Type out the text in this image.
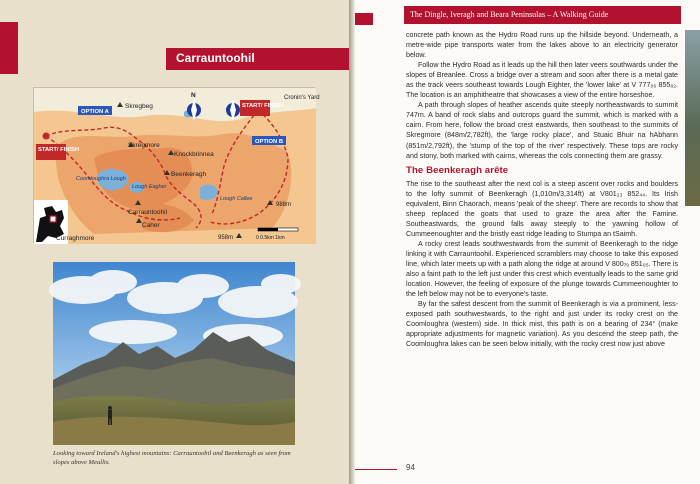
Carrauntoohil
Skregbeg
Cronin's Yard
Skregmore
Knockbrinnea
Coomloughra Lough
Lough Eagher
Beenkeragh
Lough Callee
Carrauntoohil
Caher
Curraghmore
988m
958m	0 0.5km 1km
N
OPTION A
OPTION B
START/ FINISH
START/ FINISH
Looking toward Ireland's highest mountains: Carrauntoohil and Beenkeragh as seen from slopes above Meallis.
The Dingle, Iveragh and Beara Peninsulas – A Walking Guide

concrete path known as the Hydro Road runs up the hillside beyond. Underneath, a metre-wide pipe transports water from the lakes above to an electricity generator below.

Follow the Hydro Road as it leads up the hill then later veers southwards under the slopes of Breanlee. Cross a bridge over a stream and soon after there is a metal gate as the track veers southeast towards Lough Eighter, the 'lower lake' at V 777₀₆ 855₈₂. The location is an amphitheatre that showcases a view of the entire horseshoe.

A path through slopes of heather ascends quite steeply northeastwards to summit 747m. A band of rock slabs and outcrops guard the summit, which is marked with a cairn. From here, follow the broad crest eastwards, then southeast to the summits of Skregmore (848m/2,782ft), the 'large rocky place', and Stuaic Bhuir na hAbhann (851m/2,792ft), the 'stump of the top of the river' respectively. These tops are rocky and stony, both marked with cairns, whereas the cols connecting them are grassy.

The Beenkeragh arête

The rise to the southeast after the next col is a steep ascent over rocks and boulders to the lofty summit of Beenkeragh (1,010m/3,314ft) at V801₂₃ 852₄₄. Its Irish equivalent, Binn Chaorach, means 'peak of the sheep'. There are records to show that sheep replaced the goats that used to graze the area after the Famine. Southeastwards, the ground falls away steeply to the yawning hollow of Cummeenoughter and the bristly east ridge leading to Stumpa an tSaimh.

A rocky crest leads southwestwards from the summit of Beenkeragh to the ridge linking it with Carrauntoohil. Experienced scramblers may choose to take this exposed line, which later meets up with a path along the ridge at around V 800₇₉ 851₀₅. There is also a faint path to the left just under this crest which eventually leads to the same grid location. However, the feeling of exposure of the plunge towards Cummeenoughter to the left below may not be to everyone's taste.

By far the safest descent from the summit of Beenkeragh is via a prominent, less-exposed path southwestwards, to the right and just under its rocky crest on the Coomloughra (western) side. In thick mist, this path is on a bearing of 234° (make appropriate adjustments for magnetic variation). As you descend the steep path, the Coomloughra lakes can be seen below initially, with the rocky crest now just above

94
